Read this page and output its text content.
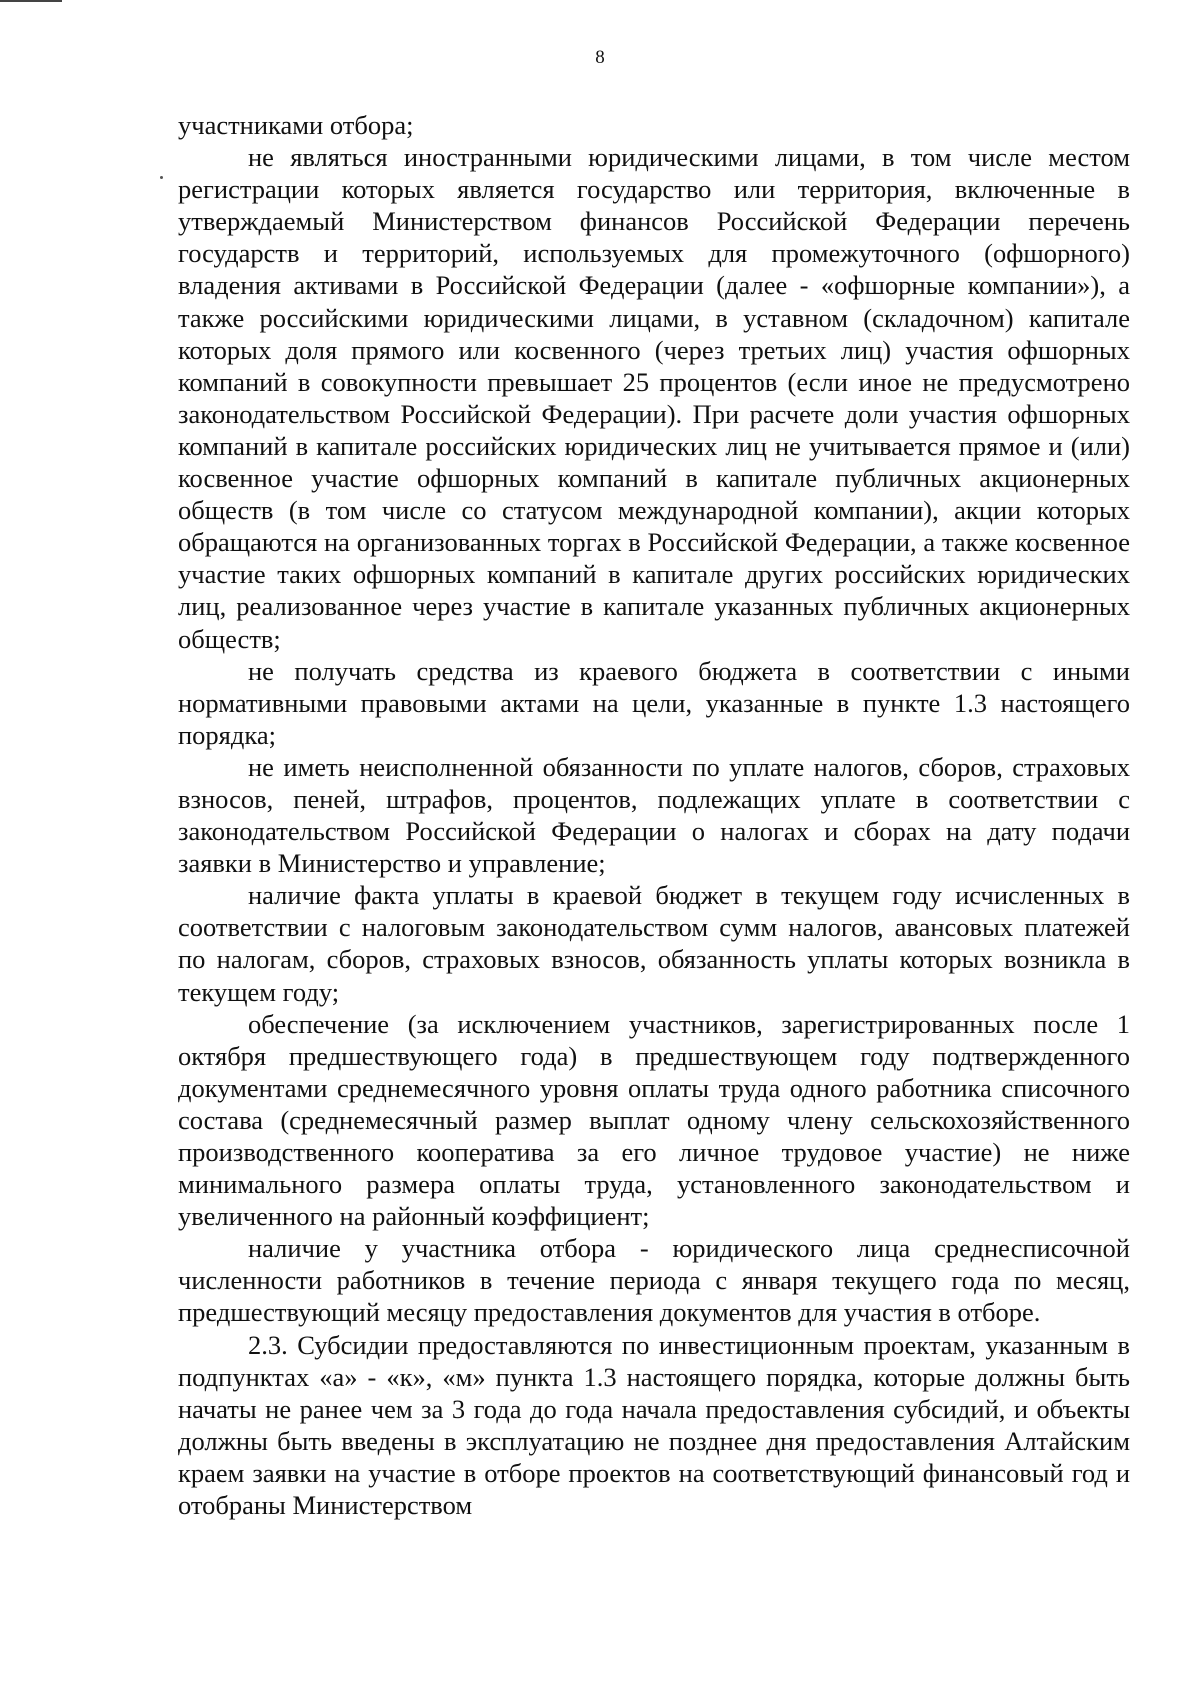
8

участниками отбора;

не являться иностранными юридическими лицами, в том числе местом регистрации которых является государство или территория, включенные в утверждаемый Министерством финансов Российской Федерации перечень государств и территорий, используемых для промежуточного (офшорного) владения активами в Российской Федерации (далее - «офшорные компании»), а также российскими юридическими лицами, в уставном (складочном) капитале которых доля прямого или косвенного (через третьих лиц) участия офшорных компаний в совокупности превышает 25 процентов (если иное не предусмотрено законодательством Российской Федерации). При расчете доли участия офшорных компаний в капитале российских юридических лиц не учитывается прямое и (или) косвенное участие офшорных компаний в капитале публичных акционерных обществ (в том числе со статусом международной компании), акции которых обращаются на организованных торгах в Российской Федерации, а также косвенное участие таких офшорных компаний в капитале других российских юридических лиц, реализованное через участие в капитале указанных публичных акционерных обществ;

не получать средства из краевого бюджета в соответствии с иными нормативными правовыми актами на цели, указанные в пункте 1.3 настоящего порядка;

не иметь неисполненной обязанности по уплате налогов, сборов, страховых взносов, пеней, штрафов, процентов, подлежащих уплате в соответствии с законодательством Российской Федерации о налогах и сборах на дату подачи заявки в Министерство и управление;

наличие факта уплаты в краевой бюджет в текущем году исчисленных в соответствии с налоговым законодательством сумм налогов, авансовых платежей по налогам, сборов, страховых взносов, обязанность уплаты которых возникла в текущем году;

обеспечение (за исключением участников, зарегистрированных после 1 октября предшествующего года) в предшествующем году подтвержденного документами среднемесячного уровня оплаты труда одного работника списочного состава (среднемесячный размер выплат одному члену сельскохозяйственного производственного кооператива за его личное трудовое участие) не ниже минимального размера оплаты труда, установленного законодательством и увеличенного на районный коэффициент;

наличие у участника отбора - юридического лица среднесписочной численности работников в течение периода с января текущего года по месяц, предшествующий месяцу предоставления документов для участия в отборе.

2.3. Субсидии предоставляются по инвестиционным проектам, указанным в подпунктах «а» - «к», «м» пункта 1.3 настоящего порядка, которые должны быть начаты не ранее чем за 3 года до года начала предоставления субсидий, и объекты должны быть введены в эксплуатацию не позднее дня предоставления Алтайским краем заявки на участие в отборе проектов на соответствующий финансовый год и отобраны Министерством
